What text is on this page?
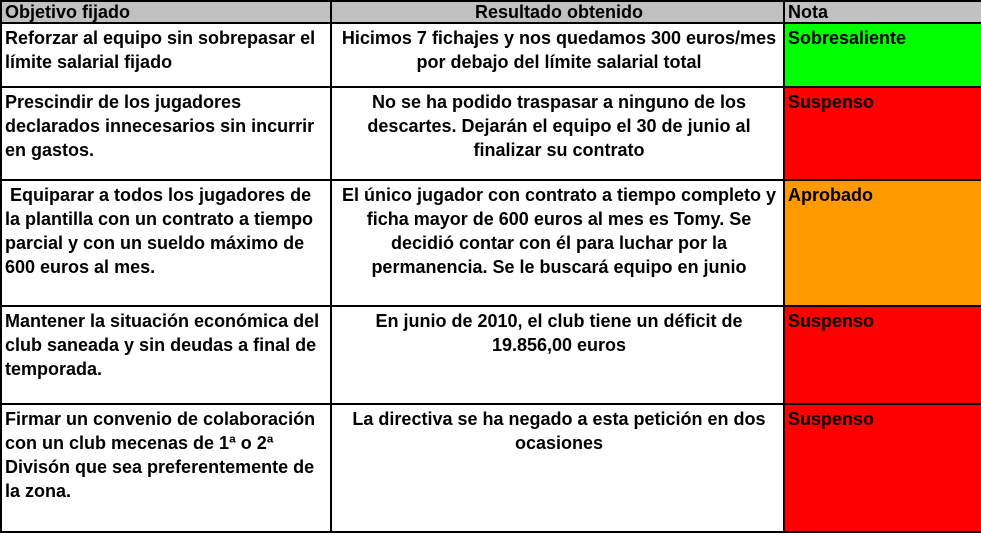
Objetivo fijado	Resultado obtenido	Nota
Reforzar al equipo sin sobrepasar el límite salarial fijado	Hicimos 7 fichajes y nos quedamos 300 euros/mes por debajo del límite salarial total	Sobresaliente
Prescindir de los jugadores declarados innecesarios sin incurrir en gastos.	No se ha podido traspasar a ninguno de los descartes. Dejarán el equipo el 30 de junio al finalizar su contrato	Suspenso
Equiparar a todos los jugadores de la plantilla con un contrato a tiempo parcial y con un sueldo máximo de 600 euros al mes.	El único jugador con contrato a tiempo completo y ficha mayor de 600 euros al mes es Tomy. Se decidió contar con él para luchar por la permanencia. Se le buscará equipo en junio	Aprobado
Mantener la situación económica del club saneada y sin deudas a final de temporada.	En junio de 2010, el club tiene un déficit de 19.856,00 euros	Suspenso
Firmar un convenio de colaboración con un club mecenas de 1ª o 2ª Divisón que sea preferentemente de la zona.	La directiva se ha negado a esta petición en dos ocasiones	Suspenso
